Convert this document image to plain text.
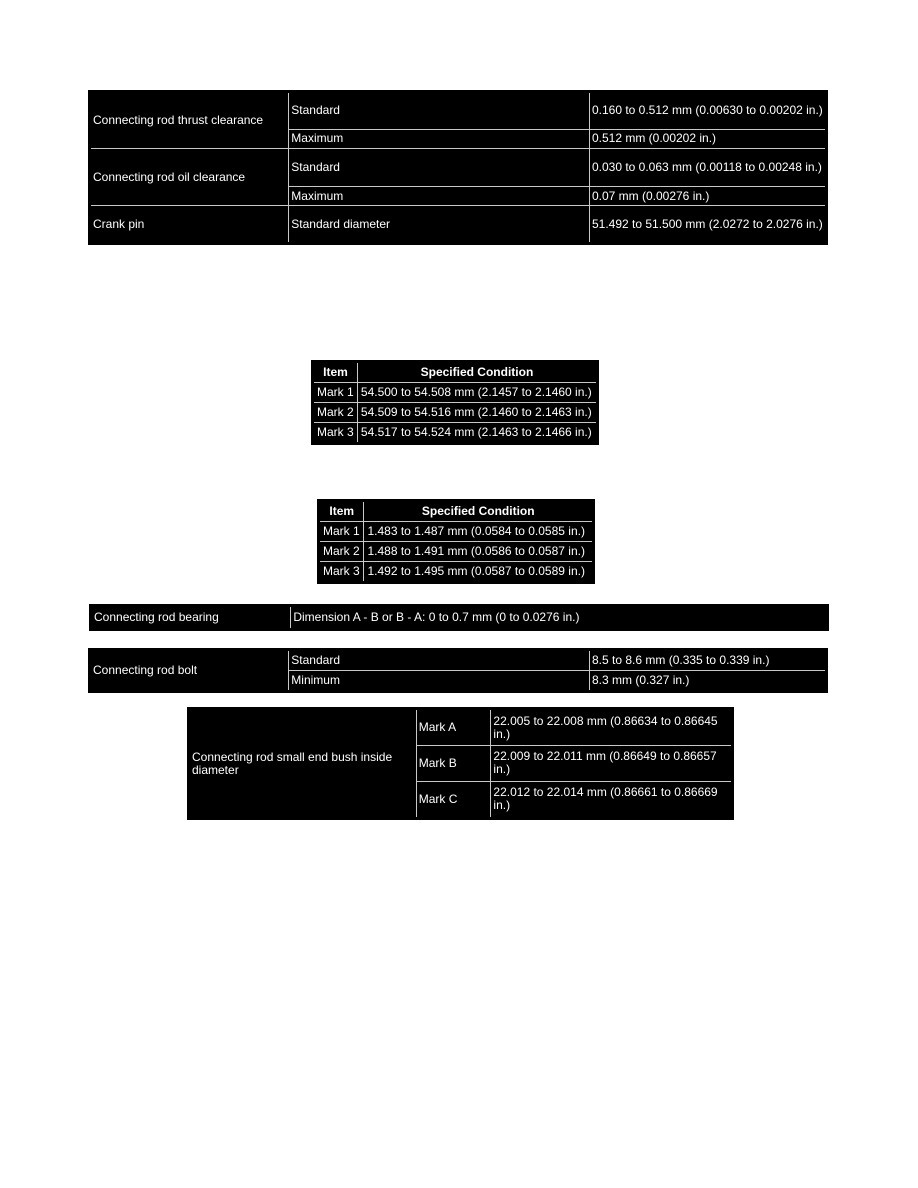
Connecting rod thrust clearance	Standard	0.160 to 0.512 mm (0.00630 to 0.00202 in.)
	Maximum	0.512 mm (0.00202 in.)
Connecting rod oil clearance	Standard	0.030 to 0.063 mm (0.00118 to 0.00248 in.)
	Maximum	0.07 mm (0.00276 in.)
Crank pin	Standard diameter	51.492 to 51.500 mm (2.0272 to 2.0276 in.)
Item	Specified Condition
Mark 1	54.500 to 54.508 mm (2.1457 to 2.1460 in.)
Mark 2	54.509 to 54.516 mm (2.1460 to 2.1463 in.)
Mark 3	54.517 to 54.524 mm (2.1463 to 2.1466 in.)
Item	Specified Condition
Mark 1	1.483 to 1.487 mm (0.0584 to 0.0585 in.)
Mark 2	1.488 to 1.491 mm (0.0586 to 0.0587 in.)
Mark 3	1.492 to 1.495 mm (0.0587 to 0.0589 in.)
Connecting rod bearing	Dimension A - B or B - A: 0 to 0.7 mm (0 to 0.0276 in.)
Connecting rod bolt	Standard	8.5 to 8.6 mm (0.335 to 0.339 in.)
	Minimum	8.3 mm (0.327 in.)
Connecting rod small end bush inside diameter	Mark A	22.005 to 22.008 mm (0.86634 to 0.86645 in.)
	Mark B	22.009 to 22.011 mm (0.86649 to 0.86657 in.)
	Mark C	22.012 to 22.014 mm (0.86661 to 0.86669 in.)
